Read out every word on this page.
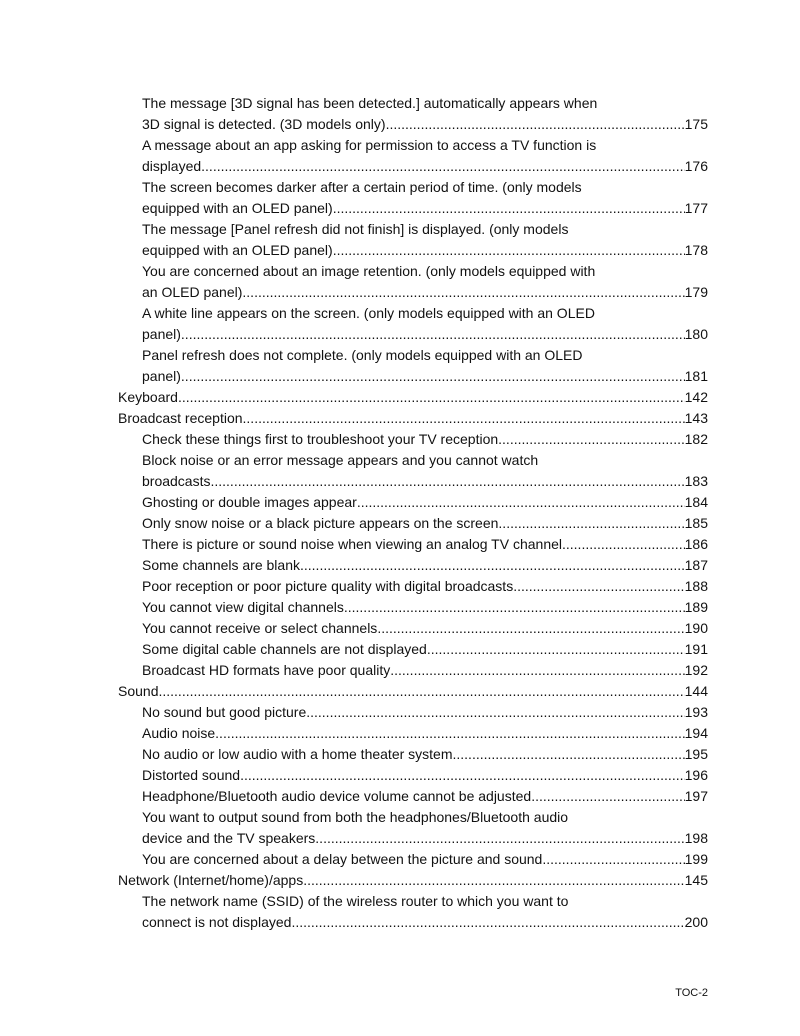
The message [3D signal has been detected.] automatically appears when
3D signal is detected. (3D models only) .....	175
A message about an app asking for permission to access a TV function is
displayed .....	176
The screen becomes darker after a certain period of time. (only models
equipped with an OLED panel) .....	177
The message [Panel refresh did not finish] is displayed. (only models
equipped with an OLED panel) .....	178
You are concerned about an image retention. (only models equipped with
an OLED panel) .....	179
A white line appears on the screen. (only models equipped with an OLED
panel) .....	180
Panel refresh does not complete. (only models equipped with an OLED
panel) .....	181
Keyboard .....	142
Broadcast reception .....	143
Check these things first to troubleshoot your TV reception .....	182
Block noise or an error message appears and you cannot watch
broadcasts .....	183
Ghosting or double images appear .....	184
Only snow noise or a black picture appears on the screen .....	185
There is picture or sound noise when viewing an analog TV channel .....	186
Some channels are blank .....	187
Poor reception or poor picture quality with digital broadcasts .....	188
You cannot view digital channels .....	189
You cannot receive or select channels .....	190
Some digital cable channels are not displayed .....	191
Broadcast HD formats have poor quality .....	192
Sound .....	144
No sound but good picture .....	193
Audio noise .....	194
No audio or low audio with a home theater system .....	195
Distorted sound .....	196
Headphone/Bluetooth audio device volume cannot be adjusted .....	197
You want to output sound from both the headphones/Bluetooth audio
device and the TV speakers .....	198
You are concerned about a delay between the picture and sound .....	199
Network (Internet/home)/apps .....	145
The network name (SSID) of the wireless router to which you want to
connect is not displayed .....	200
TOC-2
